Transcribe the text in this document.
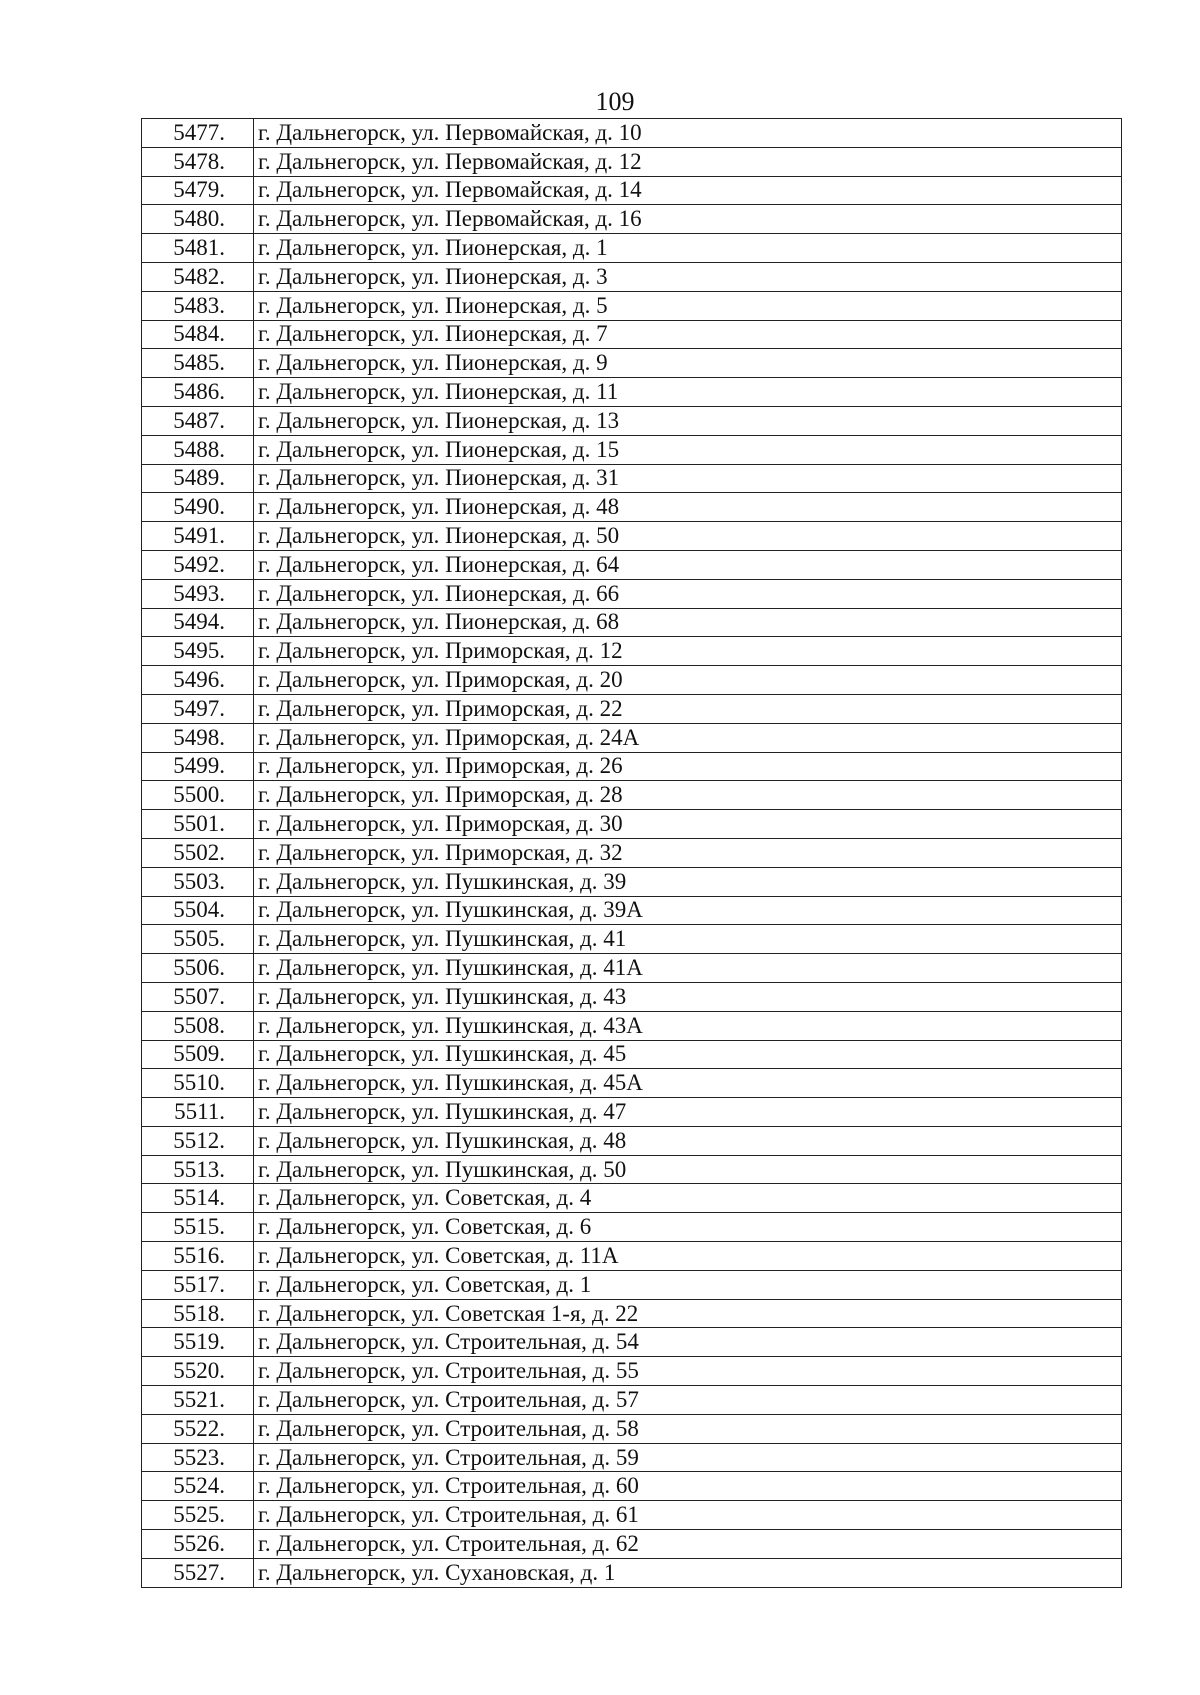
109
5477.	г. Дальнегорск, ул. Первомайская, д. 10
5478.	г. Дальнегорск, ул. Первомайская, д. 12
5479.	г. Дальнегорск, ул. Первомайская, д. 14
5480.	г. Дальнегорск, ул. Первомайская, д. 16
5481.	г. Дальнегорск, ул. Пионерская, д. 1
5482.	г. Дальнегорск, ул. Пионерская, д. 3
5483.	г. Дальнегорск, ул. Пионерская, д. 5
5484.	г. Дальнегорск, ул. Пионерская, д. 7
5485.	г. Дальнегорск, ул. Пионерская, д. 9
5486.	г. Дальнегорск, ул. Пионерская, д. 11
5487.	г. Дальнегорск, ул. Пионерская, д. 13
5488.	г. Дальнегорск, ул. Пионерская, д. 15
5489.	г. Дальнегорск, ул. Пионерская, д. 31
5490.	г. Дальнегорск, ул. Пионерская, д. 48
5491.	г. Дальнегорск, ул. Пионерская, д. 50
5492.	г. Дальнегорск, ул. Пионерская, д. 64
5493.	г. Дальнегорск, ул. Пионерская, д. 66
5494.	г. Дальнегорск, ул. Пионерская, д. 68
5495.	г. Дальнегорск, ул. Приморская, д. 12
5496.	г. Дальнегорск, ул. Приморская, д. 20
5497.	г. Дальнегорск, ул. Приморская, д. 22
5498.	г. Дальнегорск, ул. Приморская, д. 24А
5499.	г. Дальнегорск, ул. Приморская, д. 26
5500.	г. Дальнегорск, ул. Приморская, д. 28
5501.	г. Дальнегорск, ул. Приморская, д. 30
5502.	г. Дальнегорск, ул. Приморская, д. 32
5503.	г. Дальнегорск, ул. Пушкинская, д. 39
5504.	г. Дальнегорск, ул. Пушкинская, д. 39А
5505.	г. Дальнегорск, ул. Пушкинская, д. 41
5506.	г. Дальнегорск, ул. Пушкинская, д. 41А
5507.	г. Дальнегорск, ул. Пушкинская, д. 43
5508.	г. Дальнегорск, ул. Пушкинская, д. 43А
5509.	г. Дальнегорск, ул. Пушкинская, д. 45
5510.	г. Дальнегорск, ул. Пушкинская, д. 45А
5511.	г. Дальнегорск, ул. Пушкинская, д. 47
5512.	г. Дальнегорск, ул. Пушкинская, д. 48
5513.	г. Дальнегорск, ул. Пушкинская, д. 50
5514.	г. Дальнегорск, ул. Советская, д. 4
5515.	г. Дальнегорск, ул. Советская, д. 6
5516.	г. Дальнегорск, ул. Советская, д. 11А
5517.	г. Дальнегорск, ул. Советская, д. 1
5518.	г. Дальнегорск, ул. Советская 1-я, д. 22
5519.	г. Дальнегорск, ул. Строительная, д. 54
5520.	г. Дальнегорск, ул. Строительная, д. 55
5521.	г. Дальнегорск, ул. Строительная, д. 57
5522.	г. Дальнегорск, ул. Строительная, д. 58
5523.	г. Дальнегорск, ул. Строительная, д. 59
5524.	г. Дальнегорск, ул. Строительная, д. 60
5525.	г. Дальнегорск, ул. Строительная, д. 61
5526.	г. Дальнегорск, ул. Строительная, д. 62
5527.	г. Дальнегорск, ул. Сухановская, д. 1
